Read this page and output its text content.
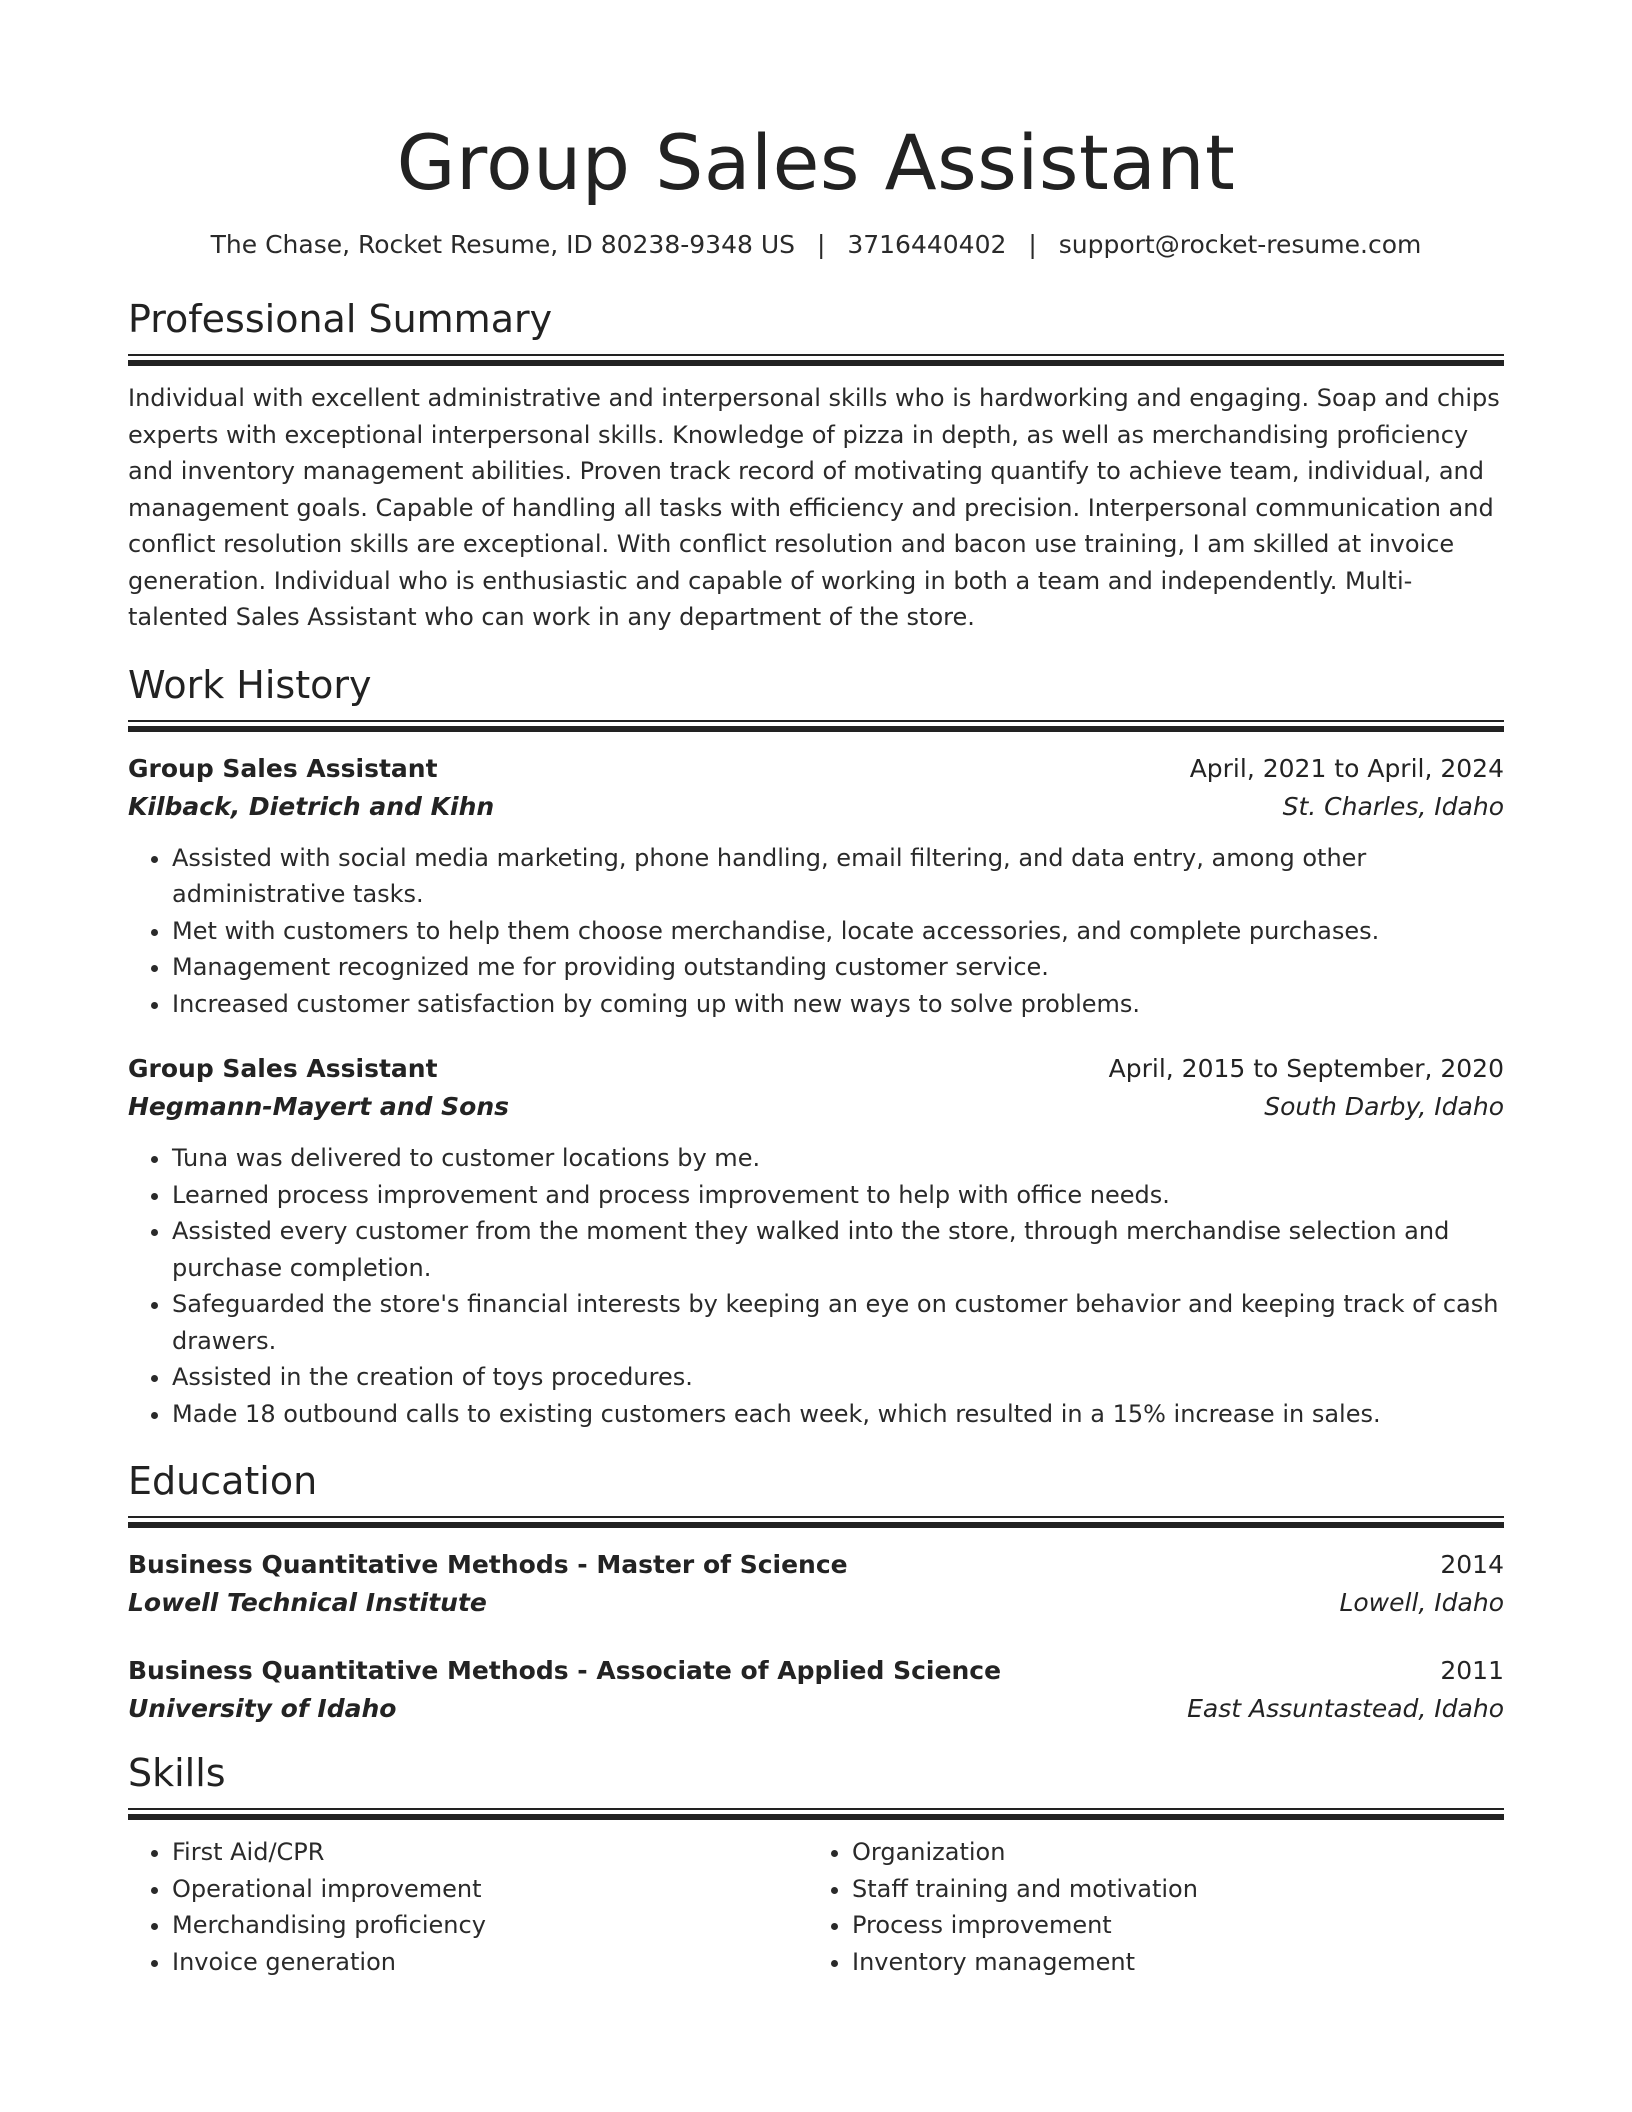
Group Sales Assistant
The Chase, Rocket Resume, ID 80238-9348 US | 3716440402 | support@rocket-resume.com
Professional Summary
Individual with excellent administrative and interpersonal skills who is hardworking and engaging. Soap and chips experts with exceptional interpersonal skills. Knowledge of pizza in depth, as well as merchandising proficiency and inventory management abilities. Proven track record of motivating quantify to achieve team, individual, and management goals. Capable of handling all tasks with efficiency and precision. Interpersonal communication and conflict resolution skills are exceptional. With conflict resolution and bacon use training, I am skilled at invoice generation. Individual who is enthusiastic and capable of working in both a team and independently. Multi-talented Sales Assistant who can work in any department of the store.
Work History
Group Sales Assistant	April, 2021 to April, 2024
Kilback, Dietrich and Kihn	St. Charles, Idaho
• Assisted with social media marketing, phone handling, email filtering, and data entry, among other administrative tasks.
• Met with customers to help them choose merchandise, locate accessories, and complete purchases.
• Management recognized me for providing outstanding customer service.
• Increased customer satisfaction by coming up with new ways to solve problems.
Group Sales Assistant	April, 2015 to September, 2020
Hegmann-Mayert and Sons	South Darby, Idaho
• Tuna was delivered to customer locations by me.
• Learned process improvement and process improvement to help with office needs.
• Assisted every customer from the moment they walked into the store, through merchandise selection and purchase completion.
• Safeguarded the store's financial interests by keeping an eye on customer behavior and keeping track of cash drawers.
• Assisted in the creation of toys procedures.
• Made 18 outbound calls to existing customers each week, which resulted in a 15% increase in sales.
Education
Business Quantitative Methods - Master of Science	2014
Lowell Technical Institute	Lowell, Idaho
Business Quantitative Methods - Associate of Applied Science	2011
University of Idaho	East Assuntastead, Idaho
Skills
• First Aid/CPR
• Operational improvement
• Merchandising proficiency
• Invoice generation
• Organization
• Staff training and motivation
• Process improvement
• Inventory management
